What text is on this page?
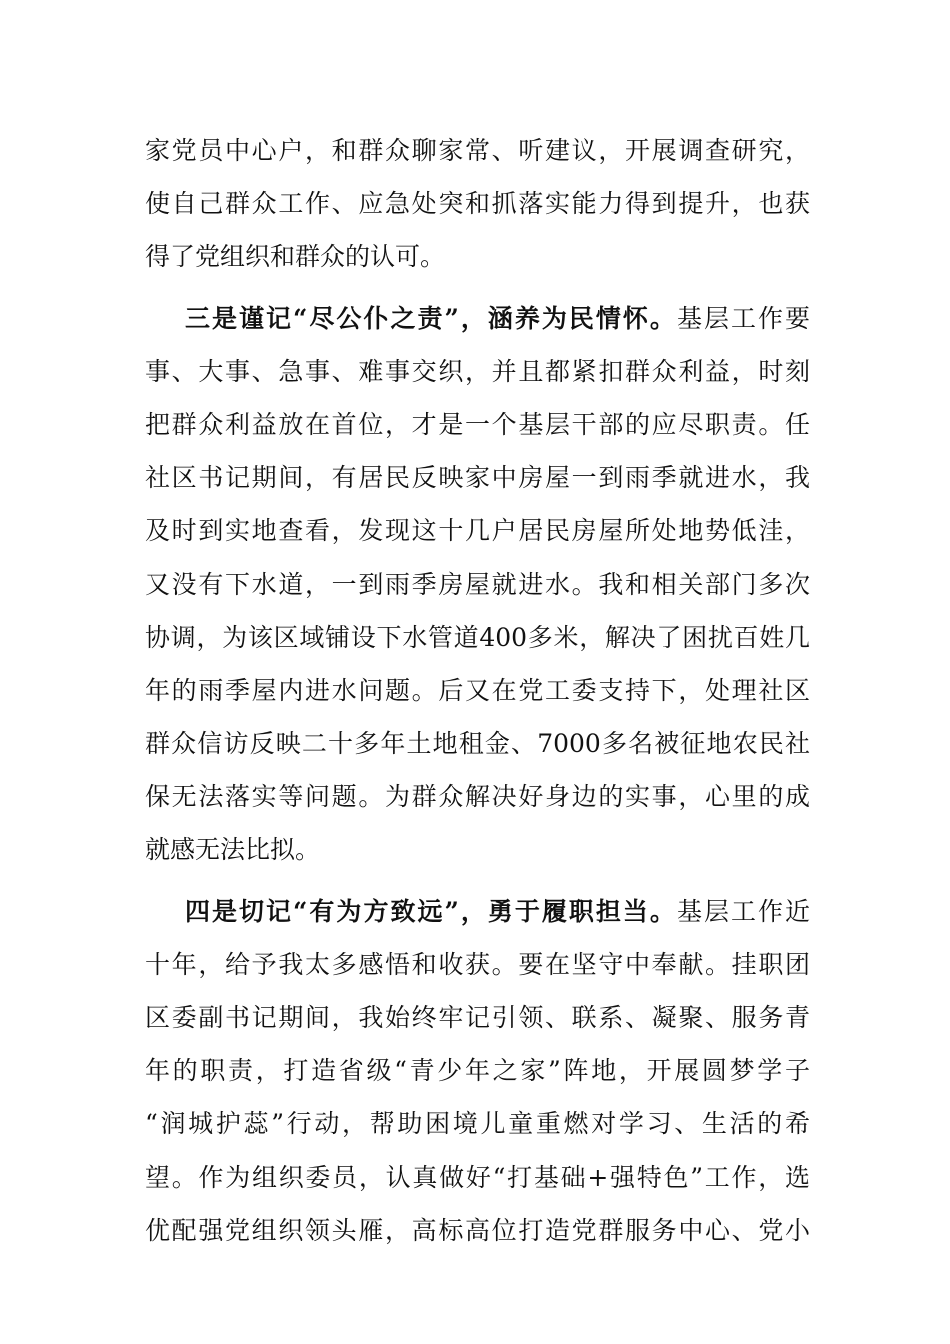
家党员中心户，和群众聊家常、听建议，开展调查研究，
使自己群众工作、应急处突和抓落实能力得到提升，也获
得了党组织和群众的认可。
三是谨记“尽公仆之责”，涵养为民情怀。基层工作要
事、大事、急事、难事交织，并且都紧扣群众利益，时刻
把群众利益放在首位，才是一个基层干部的应尽职责。任
社区书记期间，有居民反映家中房屋一到雨季就进水，我
及时到实地查看，发现这十几户居民房屋所处地势低洼，
又没有下水道，一到雨季房屋就进水。我和相关部门多次
协调，为该区域铺设下水管道400多米，解决了困扰百姓几
年的雨季屋内进水问题。后又在党工委支持下，处理社区
群众信访反映二十多年土地租金、7000多名被征地农民社
保无法落实等问题。为群众解决好身边的实事，心里的成
就感无法比拟。
四是切记“有为方致远”，勇于履职担当。基层工作近
十年，给予我太多感悟和收获。要在坚守中奉献。挂职团
区委副书记期间，我始终牢记引领、联系、凝聚、服务青
年的职责，打造省级“青少年之家”阵地，开展圆梦学子
“润城护蕊”行动，帮助困境儿童重燃对学习、生活的希
望。作为组织委员，认真做好“打基础+强特色”工作，选
优配强党组织领头雁，高标高位打造党群服务中心、党小
